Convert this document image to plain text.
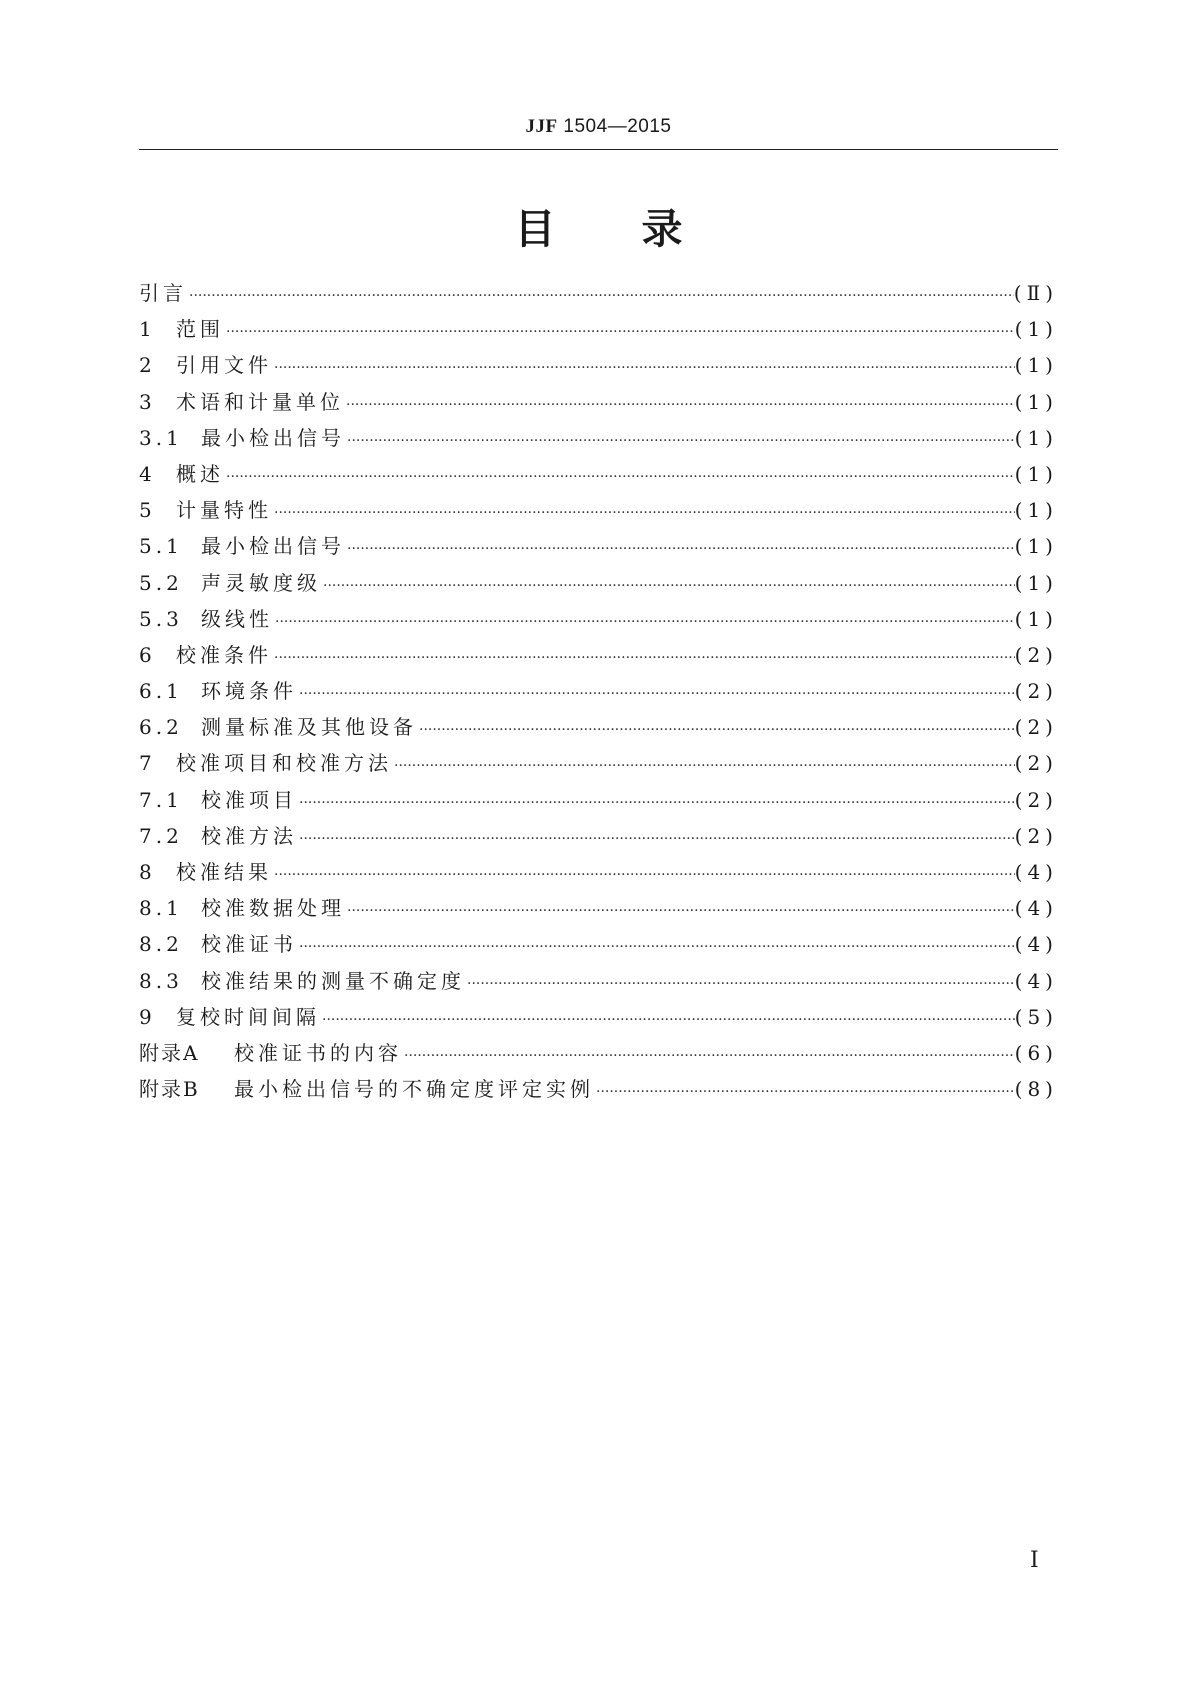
JJF 1504—2015
目 录
引言 ·····	(Ⅱ)
1	范围 ·····	(1)
2	引用文件 ·····	(1)
3	术语和计量单位 ·····	(1)
3.1 最小检出信号 ·····	(1)
4	概述 ·····	(1)
5	计量特性 ·····	(1)
5.1 最小检出信号 ·····	(1)
5.2 声灵敏度级 ·····	(1)
5.3 级线性 ·····	(1)
6	校准条件 ·····	(2)
6.1 环境条件 ·····	(2)
6.2 测量标准及其他设备 ·····	(2)
7	校准项目和校准方法 ·····	(2)
7.1 校准项目 ·····	(2)
7.2 校准方法 ·····	(2)
8	校准结果 ·····	(4)
8.1 校准数据处理 ·····	(4)
8.2 校准证书 ·····	(4)
8.3 校准结果的测量不确定度 ·····	(4)
9	复校时间间隔 ·····	(5)
附录A	校准证书的内容 ·····	(6)
附录B	最小检出信号的不确定度评定实例 ·····	(8)
Ⅰ
